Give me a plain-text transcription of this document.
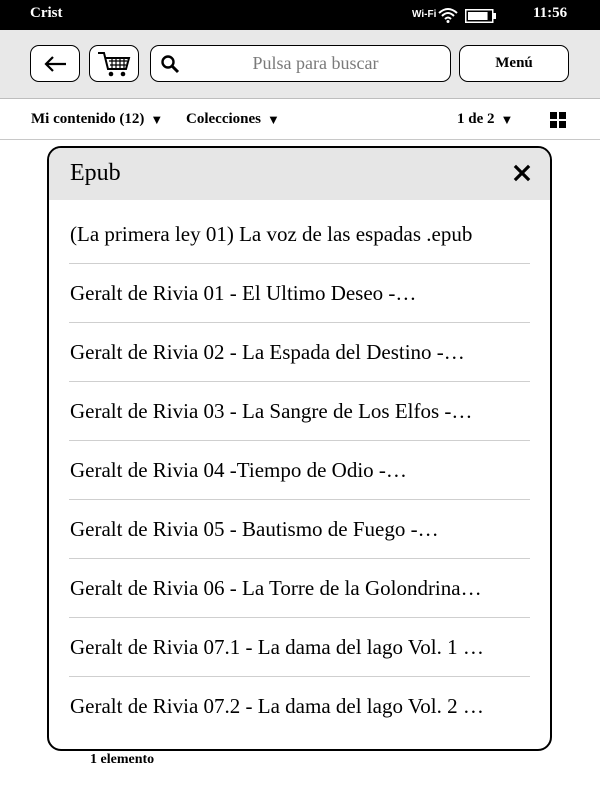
Crist	Wi-Fi	11:56
Pulsa para buscar	Menú
Mi contenido (12) ▼ Colecciones ▼	1 de 2 ▼
Epub
(La primera ley 01) La voz de las espadas .epub
Geralt de Rivia 01 - El Ultimo Deseo -…
Geralt de Rivia 02 - La Espada del Destino -…
Geralt de Rivia 03 - La Sangre de Los Elfos -…
Geralt de Rivia 04 -Tiempo de Odio -…
Geralt de Rivia 05 - Bautismo de Fuego -…
Geralt de Rivia 06 - La Torre de la Golondrina…
Geralt de Rivia 07.1 - La dama del lago Vol. 1 …
Geralt de Rivia 07.2 - La dama del lago Vol. 2 …
1 elemento
